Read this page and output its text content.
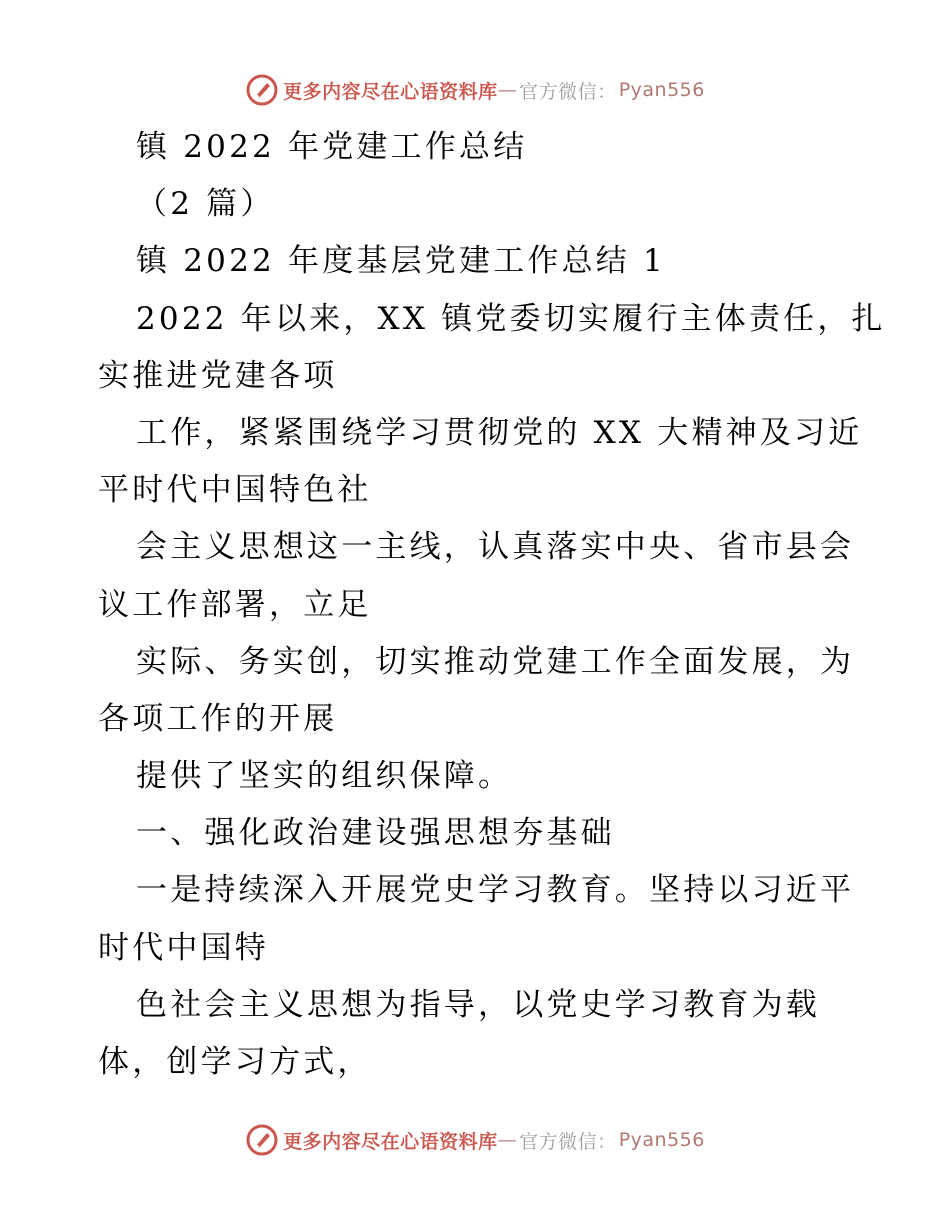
更多内容尽在心语资料库 — 官方微信： Pyan556
镇 2022 年党建工作总结
（2 篇）
镇 2022 年度基层党建工作总结 1
2022 年以来，XX 镇党委切实履行主体责任，扎
实推进党建各项
工作，紧紧围绕学习贯彻党的 XX 大精神及习近
平时代中国特色社
会主义思想这一主线，认真落实中央、省市县会
议工作部署，立足
实际、务实创，切实推动党建工作全面发展，为
各项工作的开展
提供了坚实的组织保障。
一、强化政治建设强思想夯基础
一是持续深入开展党史学习教育。坚持以习近平
时代中国特
色社会主义思想为指导，以党史学习教育为载
体，创学习方式，
更多内容尽在心语资料库 — 官方微信： Pyan556
